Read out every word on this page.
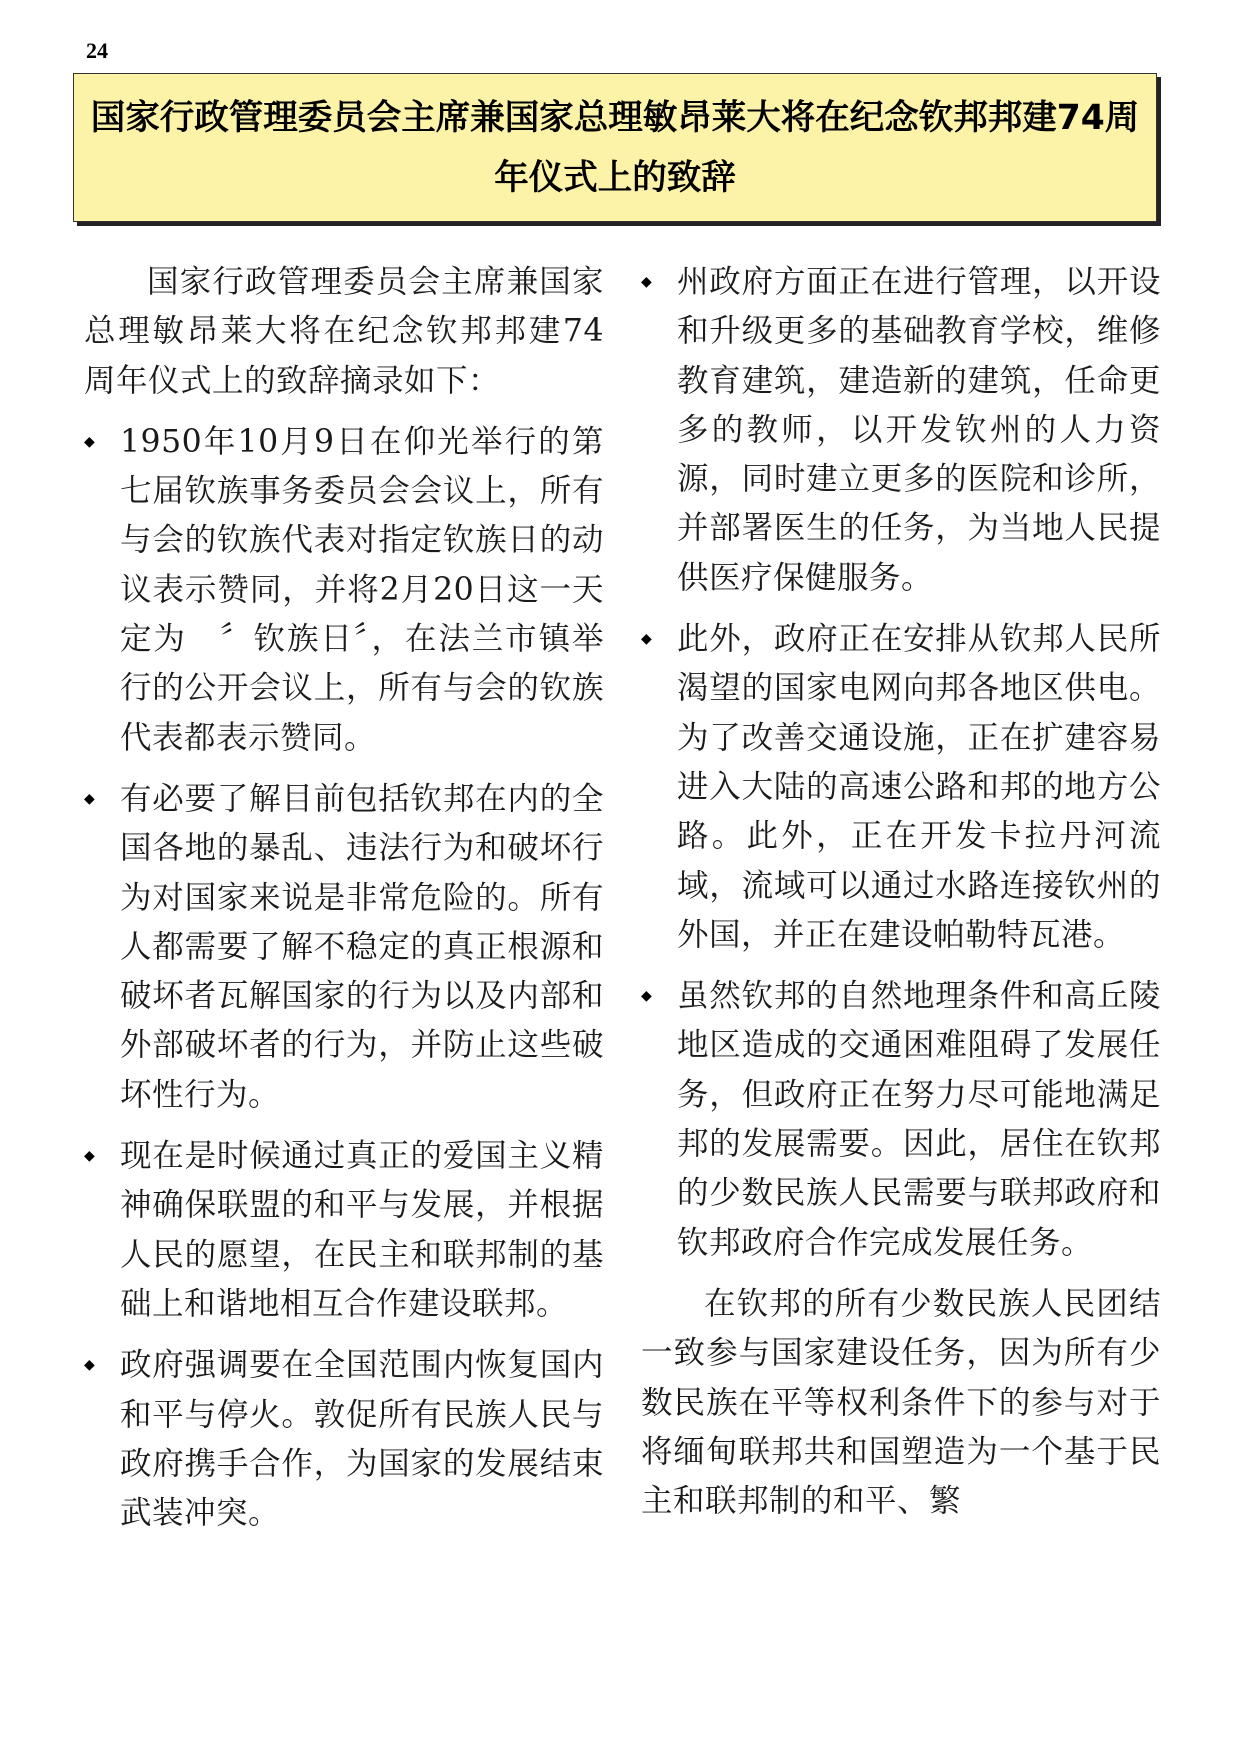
24
国家行政管理委员会主席兼国家总理敏昂莱大将在纪念钦邦邦建74周年仪式上的致辞

国家行政管理委员会主席兼国家总理敏昂莱大将在纪念钦邦邦建74周年仪式上的致辞摘录如下：

◆ 1950年10月9日在仰光举行的第七届钦族事务委员会会议上，所有与会的钦族代表对指定钦族日的动议表示赞同，并将2月20日这一天定为　〞钦族日〞，在法兰市镇举行的公开会议上，所有与会的钦族代表都表示赞同。
◆ 有必要了解目前包括钦邦在内的全国各地的暴乱、违法行为和破坏行为对国家来说是非常危险的。所有人都需要了解不稳定的真正根源和破坏者瓦解国家的行为以及内部和外部破坏者的行为，并防止这些破坏性行为。
◆ 现在是时候通过真正的爱国主义精神确保联盟的和平与发展，并根据人民的愿望，在民主和联邦制的基础上和谐地相互合作建设联邦。
◆ 政府强调要在全国范围内恢复国内和平与停火。敦促所有民族人民与政府携手合作，为国家的发展结束武装冲突。
◆ 州政府方面正在进行管理，以开设和升级更多的基础教育学校，维修教育建筑，建造新的建筑，任命更多的教师，以开发钦州的人力资源，同时建立更多的医院和诊所，并部署医生的任务，为当地人民提供医疗保健服务。
◆ 此外，政府正在安排从钦邦人民所渴望的国家电网向邦各地区供电。为了改善交通设施，正在扩建容易进入大陆的高速公路和邦的地方公路。此外，正在开发卡拉丹河流域，流域可以通过水路连接钦州的外国，并正在建设帕勒特瓦港。
◆ 虽然钦邦的自然地理条件和高丘陵地区造成的交通困难阻碍了发展任务，但政府正在努力尽可能地满足邦的发展需要。因此，居住在钦邦的少数民族人民需要与联邦政府和钦邦政府合作完成发展任务。

在钦邦的所有少数民族人民团结一致参与国家建设任务，因为所有少数民族在平等权利条件下的参与对于将缅甸联邦共和国塑造为一个基于民主和联邦制的和平、繁
